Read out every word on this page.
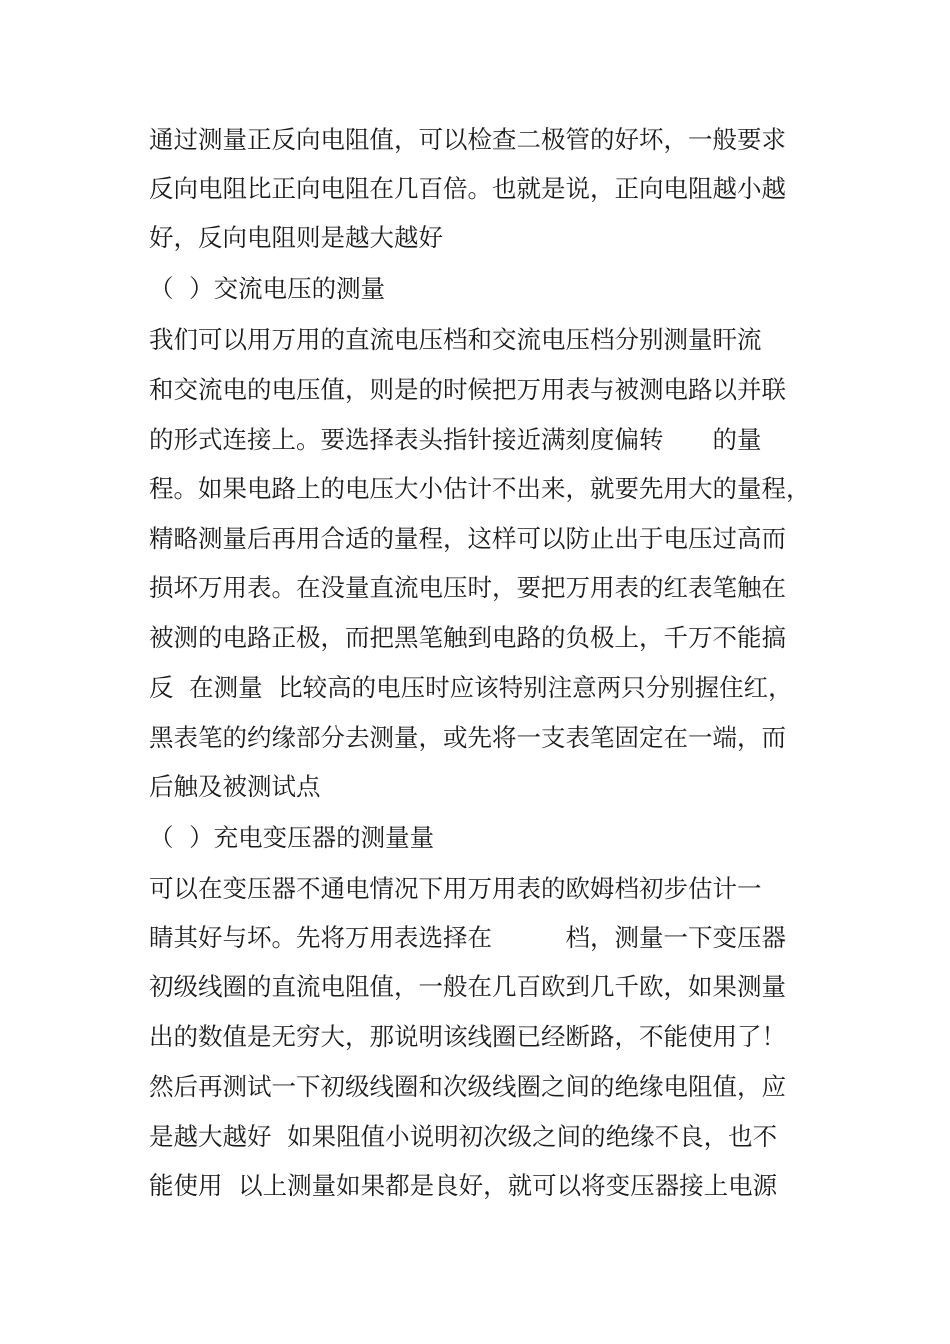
通过测量正反向电阻值，可以检查二极管的好坏，一般要求
反向电阻比正向电阻在几百倍。也就是说，正向电阻越小越
好，反向电阻则是越大越好
（  ）交流电压的测量
我们可以用万用的直流电压档和交流电压档分别测量盰流
和交流电的电压值，则是的时候把万用表与被测电路以并联
的形式连接上。要选择表头指针接近满刻度偏转　　的量
程。如果电路上的电压大小估计不出来，就要先用大的量程，
精略测量后再用合适的量程，这样可以防止出于电压过高而
损坏万用表。在没量直流电压时，要把万用表的红表笔触在
被测的电路正极，而把黑笔触到电路的负极上，千万不能搞
反  在测量  比较高的电压时应该特别注意两只分别握住红，
黑表笔的约缘部分去测量，或先将一支表笔固定在一端，而
后触及被测试点
（  ）充电变压器的测量量
可以在变压器不通电情况下用万用表的欧姆档初步估计一
睛其好与坏。先将万用表选择在　　　档，测量一下变压器
初级线圈的直流电阻值，一般在几百欧到几千欧，如果测量
出的数值是无穷大，那说明该线圈已经断路，不能使用了！
然后再测试一下初级线圈和次级线圈之间的绝缘电阻值，应
是越大越好  如果阻值小说明初次级之间的绝缘不良，也不
能使用  以上测量如果都是良好，就可以将变压器接上电源
